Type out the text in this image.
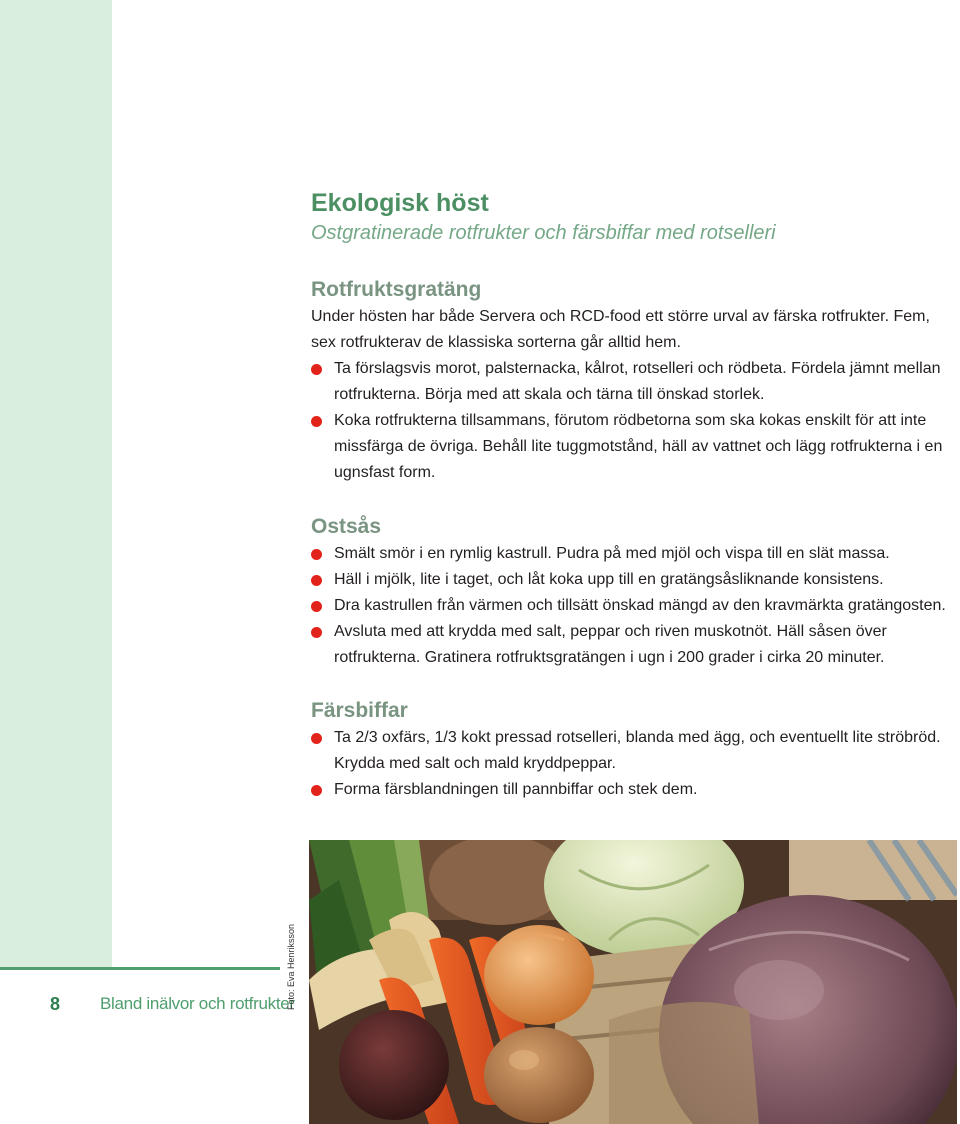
8	Bland inälvor och rotfrukter
Foto: Eva Henriksson
Ekologisk höst

Ostgratinerade rotfrukter och färsbiffar med rotselleri

Rotfruktsgratäng

Under hösten har både Servera och RCD-food ett större urval av färska rotfrukter. Fem, sex rotfrukterav de klassiska sorterna går alltid hem.

Ta förslagsvis morot, palsternacka, kålrot, rotselleri och rödbeta. Fördela jämnt mellan rotfrukterna. Börja med att skala och tärna till önskad storlek.
Koka rotfrukterna tillsammans, förutom rödbetorna som ska kokas enskilt för att inte missfärga de övriga. Behåll lite tuggmotstånd, häll av vattnet och lägg rotfrukterna i en ugnsfast form.
Ostsås
Smält smör i en rymlig kastrull. Pudra på med mjöl och vispa till en slät massa.
Häll i mjölk, lite i taget, och låt koka upp till en gratängsåsliknande konsistens.
Dra kastrullen från värmen och tillsätt önskad mängd av den kravmärkta gratängosten.
Avsluta med att krydda med salt, peppar och riven muskotnöt. Häll såsen över rotfrukterna. Gratinera rotfruktsgratängen i ugn i 200 grader i cirka 20 minuter.
Färsbiffar
Ta 2/3 oxfärs, 1/3 kokt pressad rotselleri, blanda med ägg, och eventuellt lite ströbröd. Krydda med salt och mald kryddpeppar.
Forma färsblandningen till pannbiffar och stek dem.
